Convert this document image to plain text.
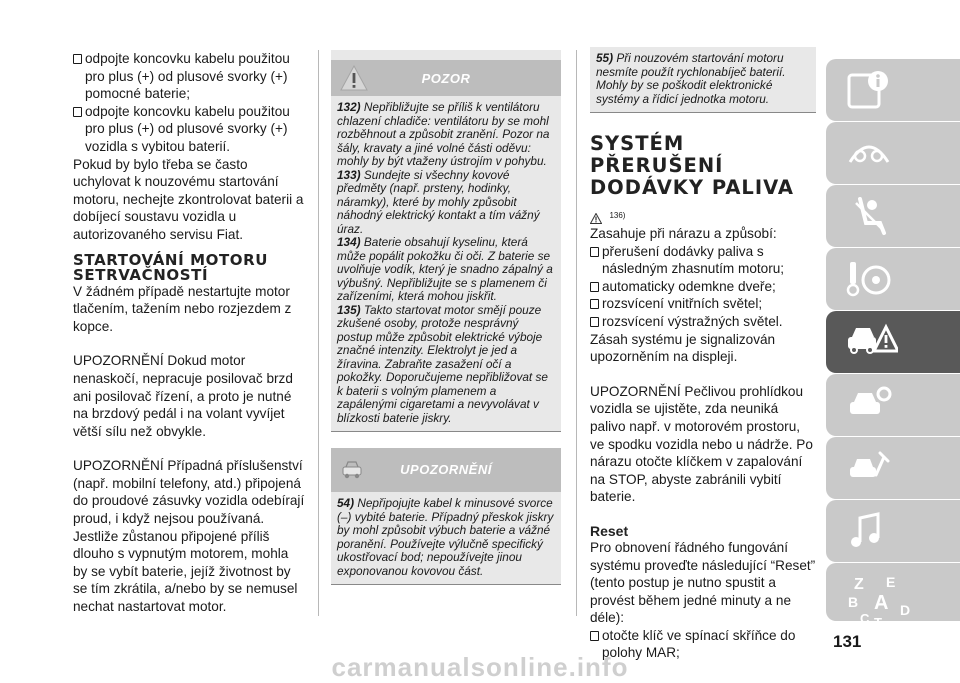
odpojte koncovku kabelu použitou pro plus (+) od plusové svorky (+) pomocné baterie;

odpojte koncovku kabelu použitou pro plus (+) od plusové svorky (+) vozidla s vybitou baterií.

Pokud by bylo třeba se často uchylovat k nouzovému startování motoru, nechejte zkontrolovat baterii a dobíjecí soustavu vozidla u autorizovaného servisu Fiat.

STARTOVÁNÍ MOTORU SETRVAČNOSTÍ

V žádném případě nestartujte motor tlačením, tažením nebo rozjezdem z kopce.

UPOZORNĚNÍ Dokud motor nenaskočí, nepracuje posilovač brzd ani posilovač řízení, a proto je nutné na brzdový pedál i na volant vyvíjet větší sílu než obvykle.

UPOZORNĚNÍ Případná příslušenství (např. mobilní telefony, atd.) připojená do proudové zásuvky vozidla odebírají proud, i když nejsou používaná. Jestliže zůstanou připojené příliš dlouho s vypnutým motorem, mohla by se vybít baterie, jejíž životnost by se tím zkrátila, a/nebo by se nemusel nechat nastartovat motor.

POZOR

132) Nepřibližujte se příliš k ventilátoru chlazení chladiče: ventilátoru by se mohl rozběhnout a způsobit zranění. Pozor na šály, kravaty a jiné volné části oděvu: mohly by být vtaženy ústrojím v pohybu.

133) Sundejte si všechny kovové předměty (např. prsteny, hodinky, náramky), které by mohly způsobit náhodný elektrický kontakt a tím vážný úraz.

134) Baterie obsahují kyselinu, která může popálit pokožku či oči. Z baterie se uvolňuje vodík, který je snadno zápalný a výbušný. Nepřibližujte se s plamenem či zařízeními, která mohou jiskřit.

135) Takto startovat motor smějí pouze zkušené osoby, protože nesprávný postup může způsobit elektrické výboje značné intenzity. Elektrolyt je jed a žíravina. Zabraňte zasažení očí a pokožky. Doporučujeme nepřibližovat se k baterii s volným plamenem a zapálenými cigaretami a nevyvolávat v blízkosti baterie jiskry.

UPOZORNĚNÍ

54) Nepřipojujte kabel k minusové svorce (–) vybité baterie. Případný přeskok jiskry by mohl způsobit výbuch baterie a vážné poranění. Používejte výlučně specifický ukostřovací bod; nepoužívejte jinou exponovanou kovovou část.

55) Při nouzovém startování motoru nesmíte použít rychlonabíječ baterií. Mohly by se poškodit elektronické systémy a řídicí jednotka motoru.

SYSTÉM PŘERUŠENÍ DODÁVKY PALIVA
$^{136)}$

Zasahuje při nárazu a způsobí:

přerušení dodávky paliva s následným zhasnutím motoru;

automaticky odemkne dveře;

rozsvícení vnitřních světel;

rozsvícení výstražných světel.

Zásah systému je signalizován upozorněním na displeji.

UPOZORNĚNÍ Pečlivou prohlídkou vozidla se ujistěte, zda neuniká palivo např. v motorovém prostoru, ve spodku vozidla nebo u nádrže. Po nárazu otočte klíčkem v zapalování na STOP, abyste zabránili vybití baterie.

Reset

Pro obnovení řádného fungování systému proveďte následující “Reset” (tento postup je nutno spustit a provést během jedné minuty a ne déle):

otočte klíč ve spínací skříňce do polohy MAR;

Z E
B A
C T
D
131
carmanualsonline.info
